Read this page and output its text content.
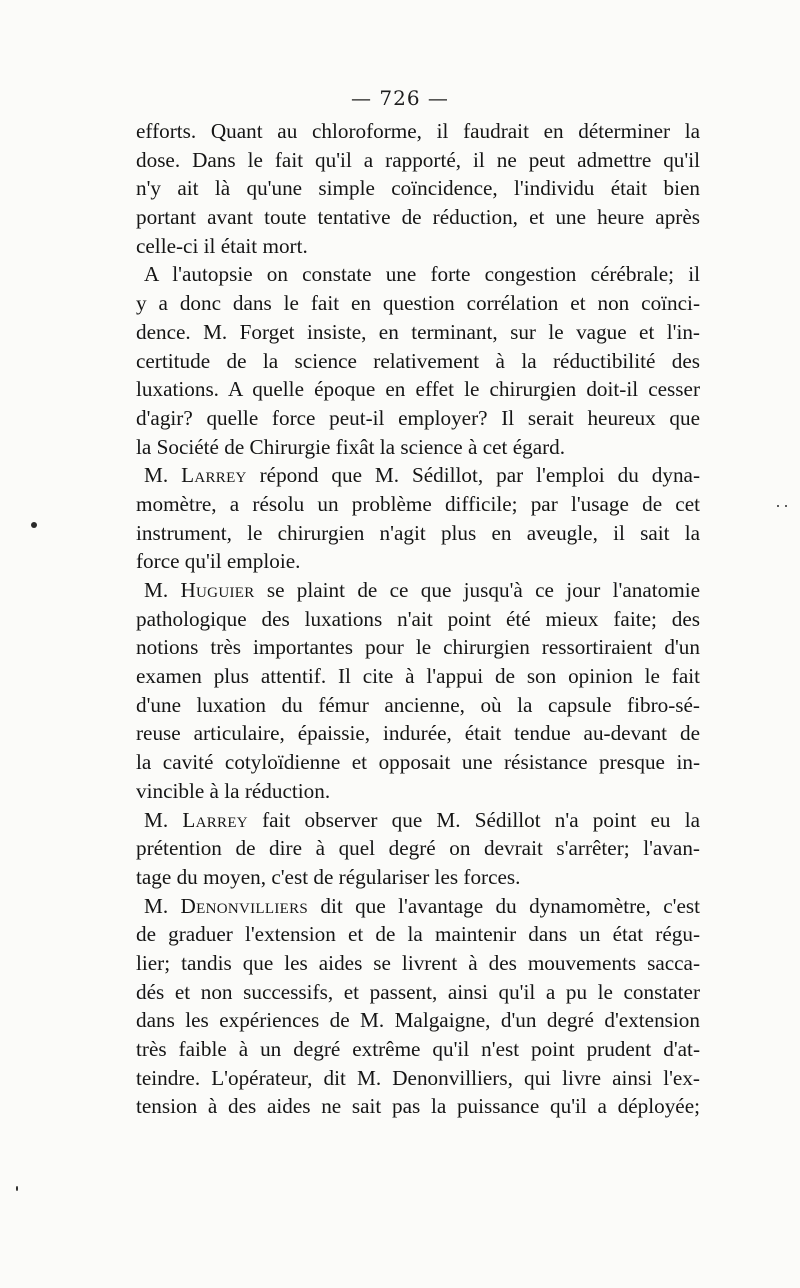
— 726 —
efforts. Quant au chloroforme, il faudrait en déterminer la
dose. Dans le fait qu'il a rapporté, il ne peut admettre qu'il
n'y ait là qu'une simple coïncidence, l'individu était bien
portant avant toute tentative de réduction, et une heure après
celle-ci il était mort.
A l'autopsie on constate une forte congestion cérébrale; il
y a donc dans le fait en question corrélation et non coïnci-
dence. M. Forget insiste, en terminant, sur le vague et l'in-
certitude de la science relativement à la réductibilité des
luxations. A quelle époque en effet le chirurgien doit-il cesser
d'agir? quelle force peut-il employer? Il serait heureux que
la Société de Chirurgie fixât la science à cet égard.
M. Larrey répond que M. Sédillot, par l'emploi du dyna-
momètre, a résolu un problème difficile; par l'usage de cet
instrument, le chirurgien n'agit plus en aveugle, il sait la
force qu'il emploie.
M. Huguier se plaint de ce que jusqu'à ce jour l'anatomie
pathologique des luxations n'ait point été mieux faite; des
notions très importantes pour le chirurgien ressortiraient d'un
examen plus attentif. Il cite à l'appui de son opinion le fait
d'une luxation du fémur ancienne, où la capsule fibro-sé-
reuse articulaire, épaissie, indurée, était tendue au-devant de
la cavité cotyloïdienne et opposait une résistance presque in-
vincible à la réduction.
M. Larrey fait observer que M. Sédillot n'a point eu la
prétention de dire à quel degré on devrait s'arrêter; l'avan-
tage du moyen, c'est de régulariser les forces.
M. Denonvilliers dit que l'avantage du dynamomètre, c'est
de graduer l'extension et de la maintenir dans un état régu-
lier; tandis que les aides se livrent à des mouvements sacca-
dés et non successifs, et passent, ainsi qu'il a pu le constater
dans les expériences de M. Malgaigne, d'un degré d'extension
très faible à un degré extrême qu'il n'est point prudent d'at-
teindre. L'opérateur, dit M. Denonvilliers, qui livre ainsi l'ex-
tension à des aides ne sait pas la puissance qu'il a déployée;
